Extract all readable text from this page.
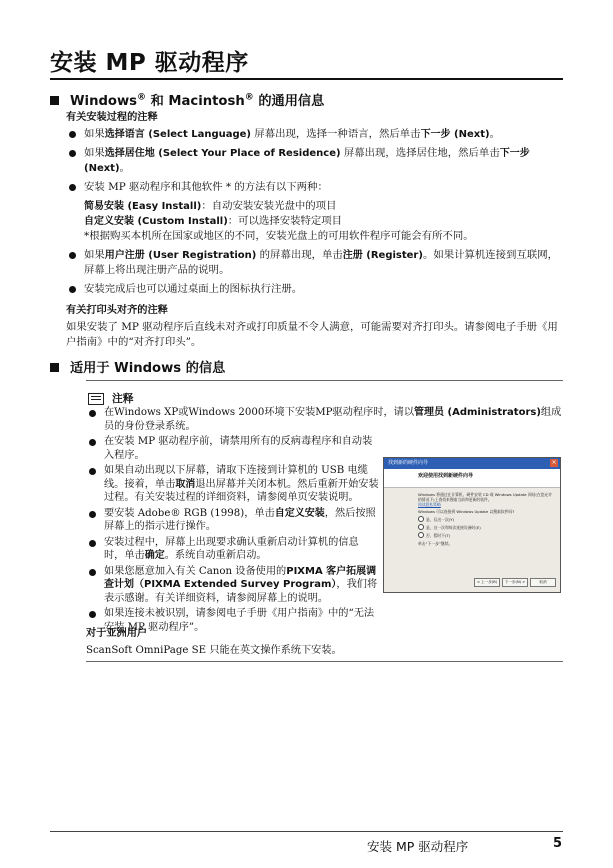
安装 MP 驱动程序
Windows® 和 Macintosh® 的通用信息

有关安装过程的注释

如果选择语言 (Select Language) 屏幕出现，选择一种语言，然后单击下一步 (Next)。
如果选择居住地 (Select Your Place of Residence) 屏幕出现，选择居住地，然后单击下一步 (Next)。
安装 MP 驱动程序和其他软件 * 的方法有以下两种：
简易安装 (Easy Install)：自动安装安装光盘中的项目
自定义安装 (Custom Install)：可以选择安装特定项目
*根据购买本机所在国家或地区的不同，安装光盘上的可用软件程序可能会有所不同。
如果用户注册 (User Registration) 的屏幕出现，单击注册 (Register)。如果计算机连接到互联网，屏幕上将出现注册产品的说明。
安装完成后也可以通过桌面上的图标执行注册。

有关打印头对齐的注释

如果安装了 MP 驱动程序后直线未对齐或打印质量不令人满意，可能需要对齐打印头。请参阅电子手册《用户指南》中的“对齐打印头”。

适用于 Windows 的信息
注释
在Windows XP或Windows 2000环境下安装MP驱动程序时，请以管理员 (Administrators)组成员的身份登录系统。
在安装 MP 驱动程序前，请禁用所有的反病毒程序和自动装入程序。
如果自动出现以下屏幕，请取下连接到计算机的 USB 电缆线。接着，单击取消退出屏幕并关闭本机。然后重新开始安装过程。有关安装过程的详细资料，请参阅单页安装说明。
要安装 Adobe® RGB (1998)，单击自定义安装，然后按照屏幕上的指示进行操作。
安装过程中，屏幕上出现要求确认重新启动计算机的信息时，单击确定。系统自动重新启动。
如果您愿意加入有关 Canon 设备使用的PIXMA 客户拓展调查计划（PIXMA Extended Survey Program），我们将表示感谢。有关详细资料，请参阅屏幕上的说明。
如果连接未被识别，请参阅电子手册《用户指南》中的“无法安装 MP 驱动程序”。

对于亚洲用户

ScanSoft OmniPage SE 只能在英文操作系统下安装。

找到新的硬件向导	×
欢迎使用找到新硬件向导
Windows 将通过在计算机、硬件安装 CD 或 Windows Update 网站(在您允许的情况下)上查找来搜索当前和更新的软件。
阅读隐私策略
Windows 可以连接到 Windows Update 以搜索软件吗?
是，仅这一次(Y)
是，这一次和每次连接设备时(E)
否，暂时不(T)
单击“下一步”继续。
< 上一步(B)	下一步(N) >	取消
安装 MP 驱动程序	5
